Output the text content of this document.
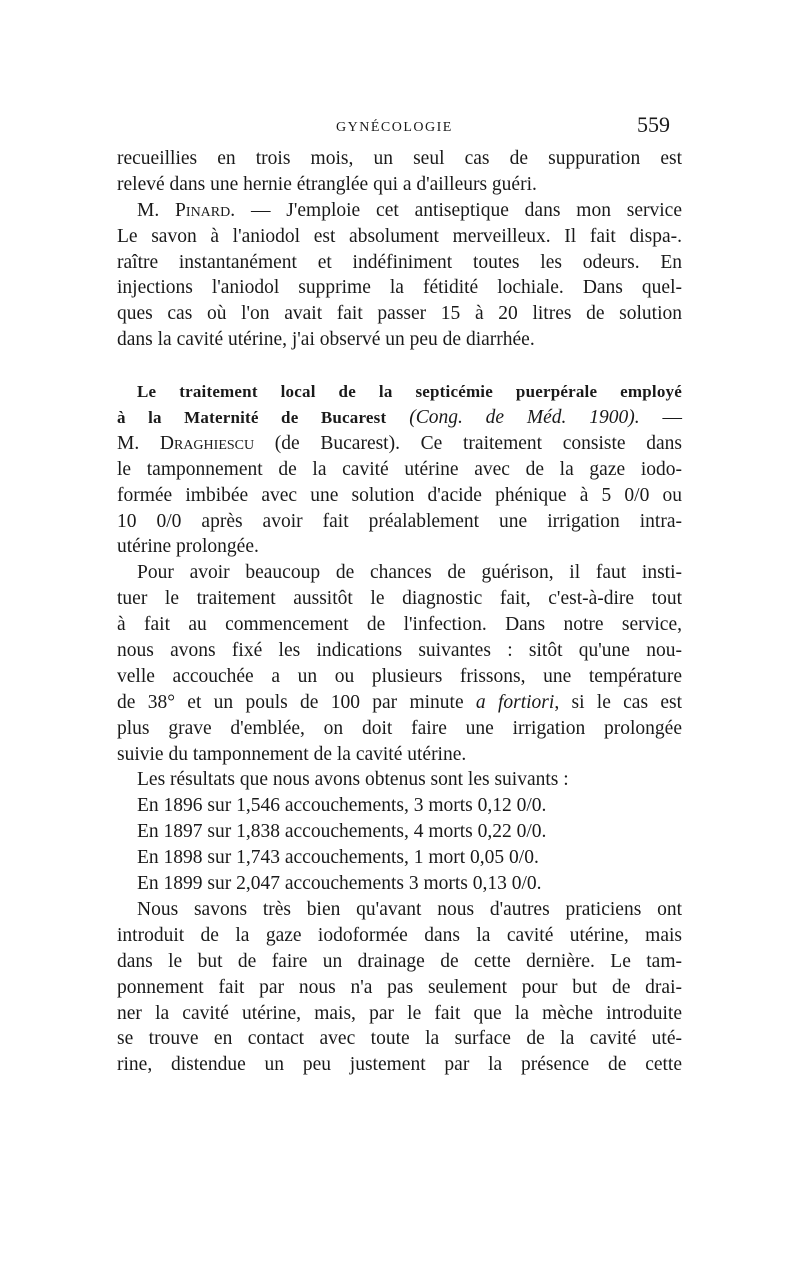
GYNÉCOLOGIE	559
recueillies en trois mois, un seul cas de suppuration est
relevé dans une hernie étranglée qui a d'ailleurs guéri.
M. Pinard. — J'emploie cet antiseptique dans mon service
Le savon à l'aniodol est absolument merveilleux. Il fait dispa-.
raître instantanément et indéfiniment toutes les odeurs. En
injections l'aniodol supprime la fétidité lochiale. Dans quel-
ques cas où l'on avait fait passer 15 à 20 litres de solution
dans la cavité utérine, j'ai observé un peu de diarrhée.
Le traitement local de la septicémie puerpérale employé
à la Maternité de Bucarest (Cong. de Méd. 1900). —
M. Draghiescu (de Bucarest). Ce traitement consiste dans
le tamponnement de la cavité utérine avec de la gaze iodo-
formée imbibée avec une solution d'acide phénique à 5 0/0 ou
10 0/0 après avoir fait préalablement une irrigation intra-
utérine prolongée.
Pour avoir beaucoup de chances de guérison, il faut insti-
tuer le traitement aussitôt le diagnostic fait, c'est-à-dire tout
à fait au commencement de l'infection. Dans notre service,
nous avons fixé les indications suivantes : sitôt qu'une nou-
velle accouchée a un ou plusieurs frissons, une température
de 38° et un pouls de 100 par minute a fortiori, si le cas est
plus grave d'emblée, on doit faire une irrigation prolongée
suivie du tamponnement de la cavité utérine.
Les résultats que nous avons obtenus sont les suivants :
En 1896 sur 1,546 accouchements, 3 morts 0,12 0/0.
En 1897 sur 1,838 accouchements, 4 morts 0,22 0/0.
En 1898 sur 1,743 accouchements, 1 mort 0,05 0/0.
En 1899 sur 2,047 accouchements 3 morts 0,13 0/0.
Nous savons très bien qu'avant nous d'autres praticiens ont
introduit de la gaze iodoformée dans la cavité utérine, mais
dans le but de faire un drainage de cette dernière. Le tam-
ponnement fait par nous n'a pas seulement pour but de drai-
ner la cavité utérine, mais, par le fait que la mèche introduite
se trouve en contact avec toute la surface de la cavité uté-
rine, distendue un peu justement par la présence de cette
